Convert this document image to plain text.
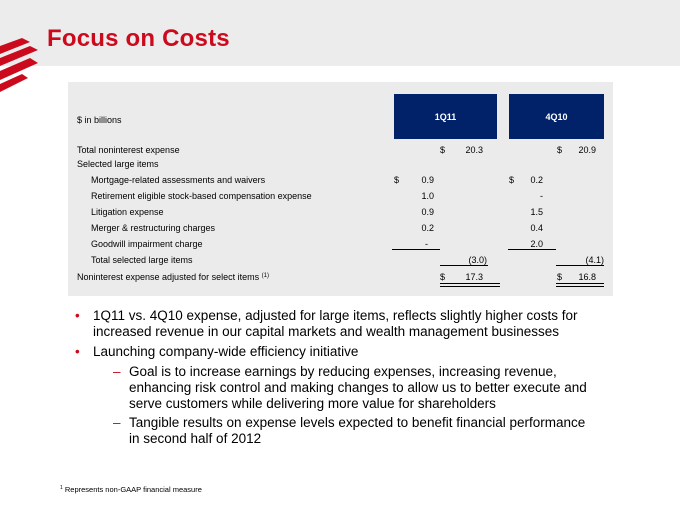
Focus on Costs
1Q11	4Q10
$ in billions
Total noninterest expense	$	20.3	$	20.9
Selected large items
Mortgage-related assessments and waivers	$	0.9	$	0.2
Retirement eligible stock-based compensation expense	1.0	-
Litigation expense	0.9	1.5
Merger & restructuring charges	0.2	0.4
Goodwill impairment charge	-	2.0
Total selected large items	(3.0)	(4.1)
Noninterest expense adjusted for select items $^{(1)}$	$	17.3	$	16.8
• 1Q11 vs. 4Q10 expense, adjusted for large items, reflects slightly higher costs for increased revenue in our capital markets and wealth management businesses
• Launching company-wide efficiency initiative
– Goal is to increase earnings by reducing expenses, increasing revenue, enhancing risk control and making changes to allow us to better execute and serve customers while delivering more value for shareholders
– Tangible results on expense levels expected to benefit financial performance in second half of 2012
$^1$ Represents non-GAAP financial measure
